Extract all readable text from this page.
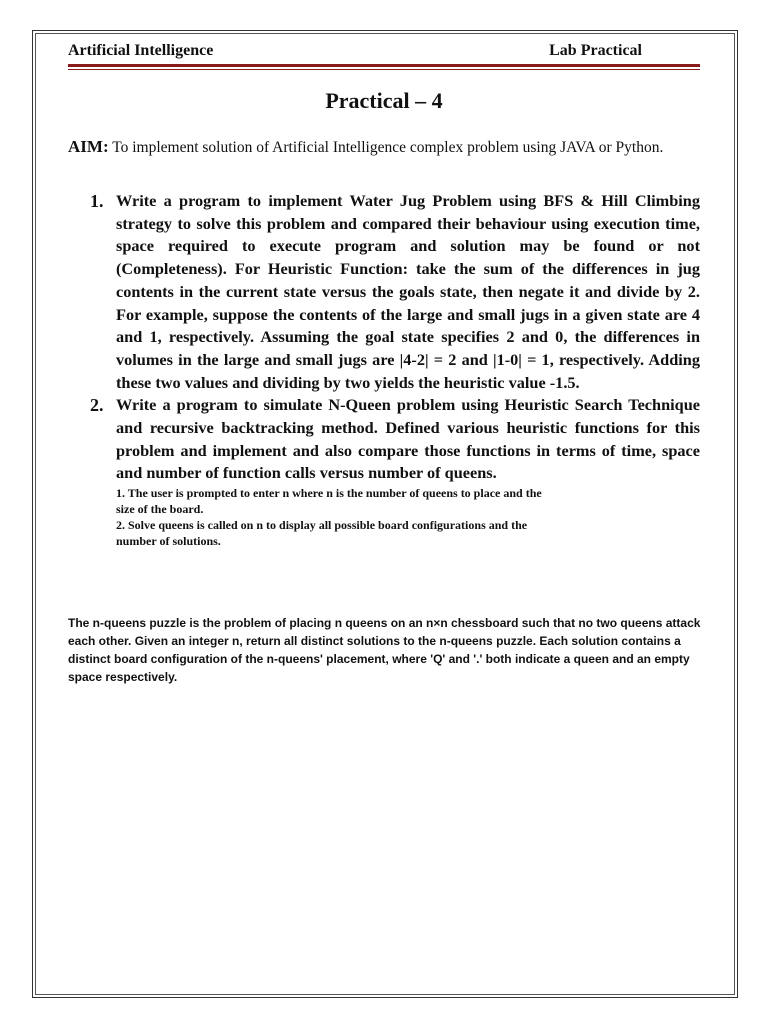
Artificial Intelligence	Lab Practical
Practical – 4
AIM: To implement solution of Artificial Intelligence complex problem using JAVA or Python.
1. Write a program to implement Water Jug Problem using BFS & Hill Climbing strategy to solve this problem and compared their behaviour using execution time, space required to execute program and solution may be found or not (Completeness). For Heuristic Function: take the sum of the differences in jug contents in the current state versus the goals state, then negate it and divide by 2. For example, suppose the contents of the large and small jugs in a given state are 4 and 1, respectively. Assuming the goal state specifies 2 and 0, the differences in volumes in the large and small jugs are |4-2| = 2 and |1-0| = 1, respectively. Adding these two values and dividing by two yields the heuristic value -1.5.
2. Write a program to simulate N-Queen problem using Heuristic Search Technique and recursive backtracking method. Defined various heuristic functions for this problem and implement and also compare those functions in terms of time, space and number of function calls versus number of queens.
1. The user is prompted to enter n where n is the number of queens to place and the
size of the board.
2. Solve queens is called on n to display all possible board configurations and the
number of solutions.
The n-queens puzzle is the problem of placing n queens on an n×n chessboard such that no two queens attack each other. Given an integer n, return all distinct solutions to the n-queens puzzle. Each solution contains a distinct board configuration of the n-queens' placement, where 'Q' and '.' both indicate a queen and an empty space respectively.
